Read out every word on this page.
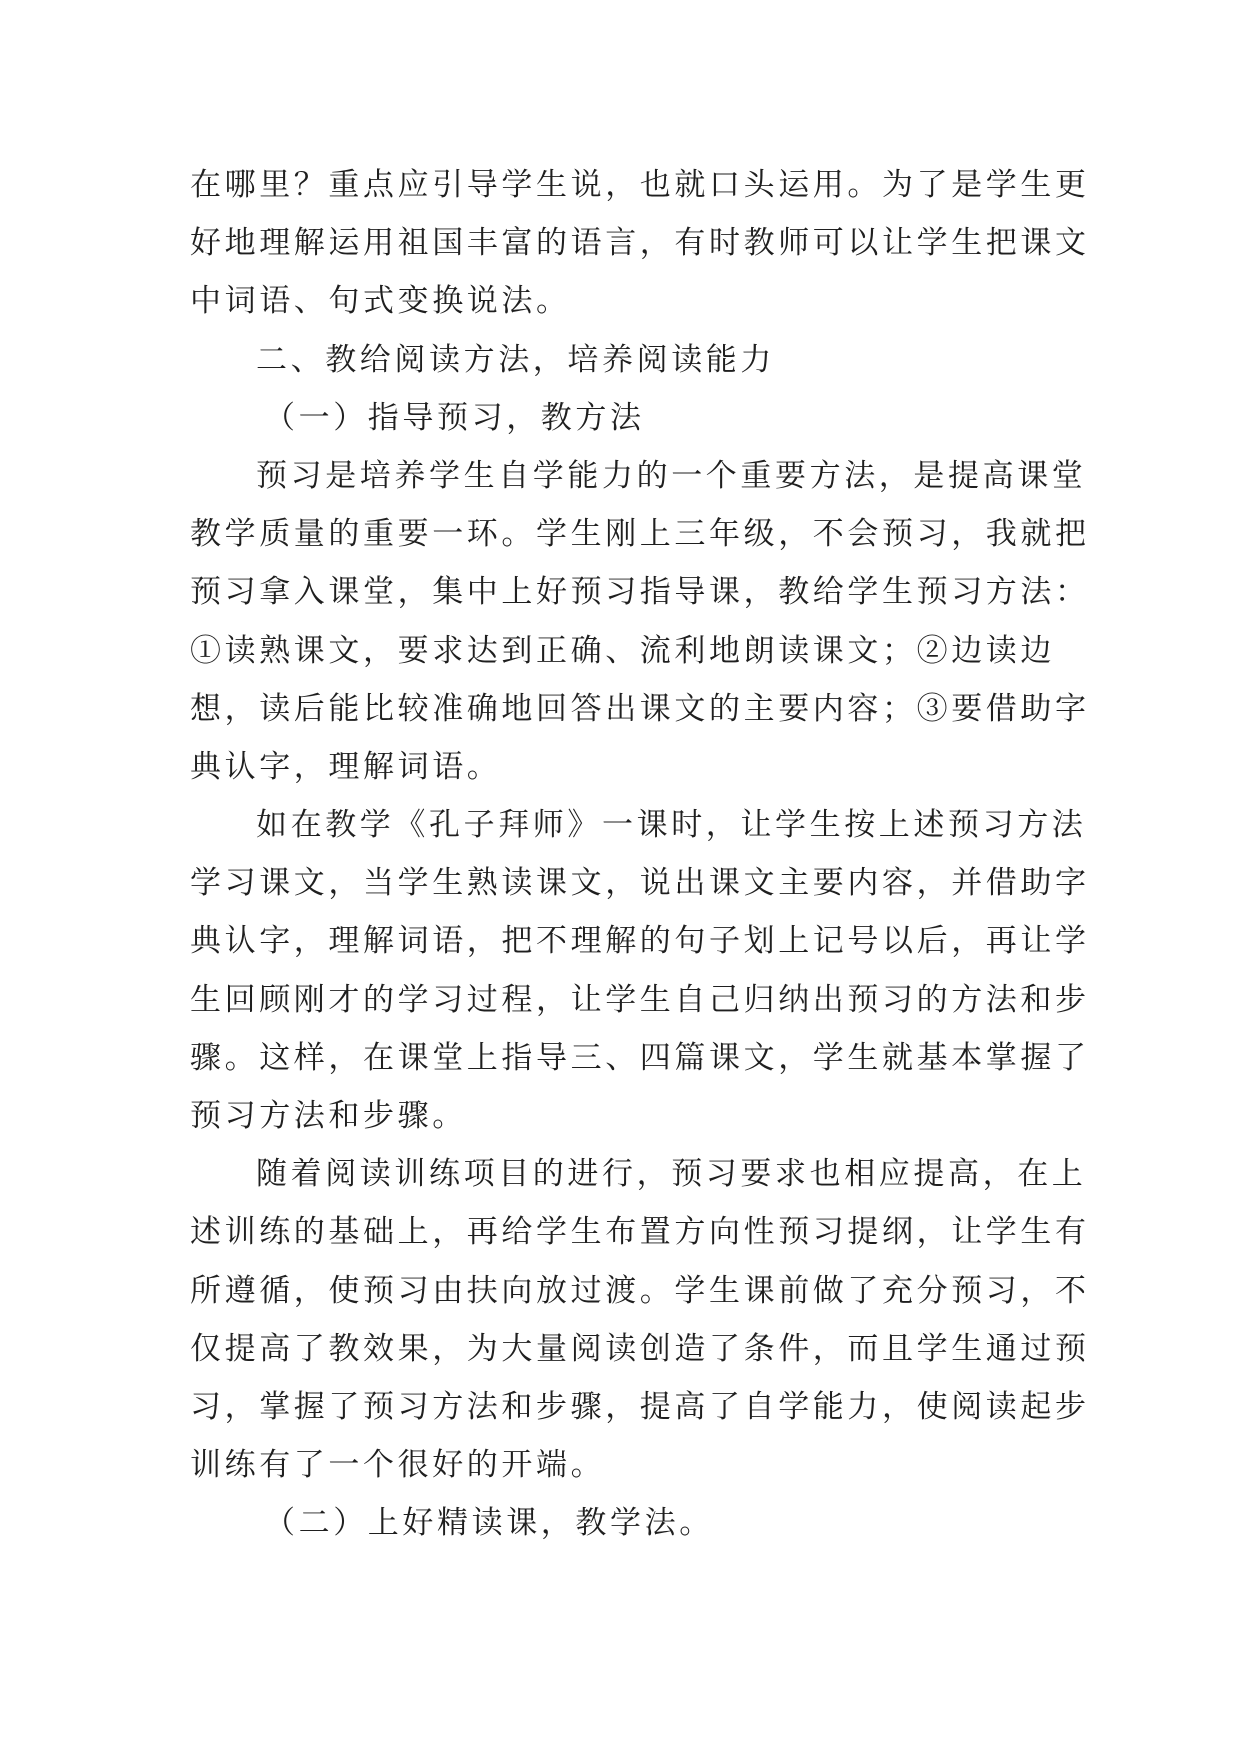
在哪里？重点应引导学生说，也就口头运用。为了是学生更
好地理解运用祖国丰富的语言，有时教师可以让学生把课文
中词语、句式变换说法。
二、教给阅读方法，培养阅读能力
（一）指导预习，教方法
预习是培养学生自学能力的一个重要方法，是提高课堂
教学质量的重要一环。学生刚上三年级，不会预习，我就把
预习拿入课堂，集中上好预习指导课，教给学生预习方法：
①读熟课文，要求达到正确、流利地朗读课文；②边读边
想，读后能比较准确地回答出课文的主要内容；③要借助字
典认字，理解词语。
如在教学《孔子拜师》一课时，让学生按上述预习方法
学习课文，当学生熟读课文，说出课文主要内容，并借助字
典认字，理解词语，把不理解的句子划上记号以后，再让学
生回顾刚才的学习过程，让学生自己归纳出预习的方法和步
骤。这样，在课堂上指导三、四篇课文，学生就基本掌握了
预习方法和步骤。
随着阅读训练项目的进行，预习要求也相应提高，在上
述训练的基础上，再给学生布置方向性预习提纲，让学生有
所遵循，使预习由扶向放过渡。学生课前做了充分预习，不
仅提高了教效果，为大量阅读创造了条件，而且学生通过预
习，掌握了预习方法和步骤，提高了自学能力，使阅读起步
训练有了一个很好的开端。
（二）上好精读课，教学法。
